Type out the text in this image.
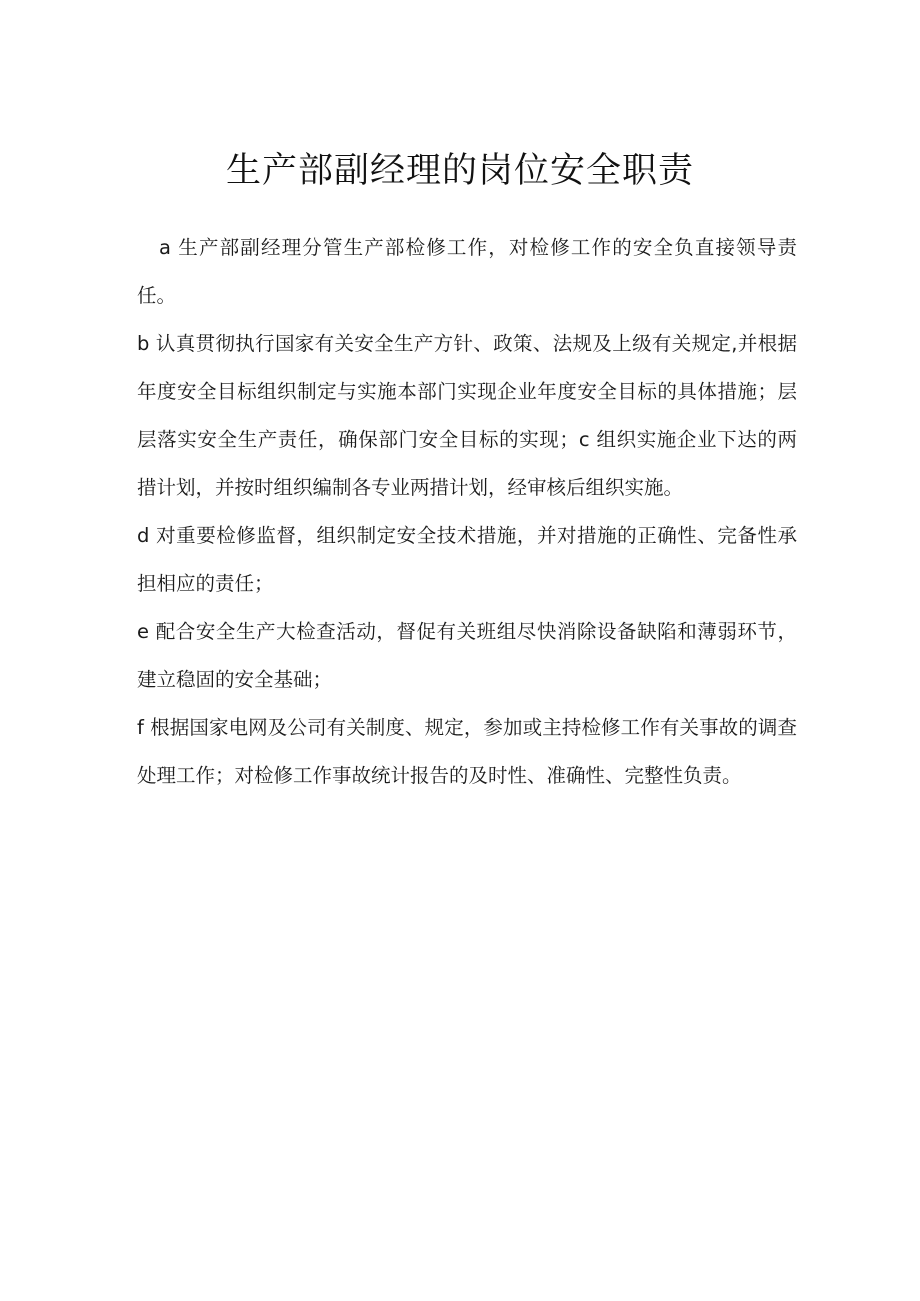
生产部副经理的岗位安全职责

a 生产部副经理分管生产部检修工作，对检修工作的安全负直接领导责任。

b 认真贯彻执行国家有关安全生产方针、政策、法规及上级有关规定,并根据年度安全目标组织制定与实施本部门实现企业年度安全目标的具体措施；层层落实安全生产责任，确保部门安全目标的实现；c 组织实施企业下达的两措计划，并按时组织编制各专业两措计划，经审核后组织实施。

d 对重要检修监督，组织制定安全技术措施，并对措施的正确性、完备性承担相应的责任；

e 配合安全生产大检查活动，督促有关班组尽快消除设备缺陷和薄弱环节，建立稳固的安全基础；

f 根据国家电网及公司有关制度、规定，参加或主持检修工作有关事故的调查处理工作；对检修工作事故统计报告的及时性、准确性、完整性负责。
